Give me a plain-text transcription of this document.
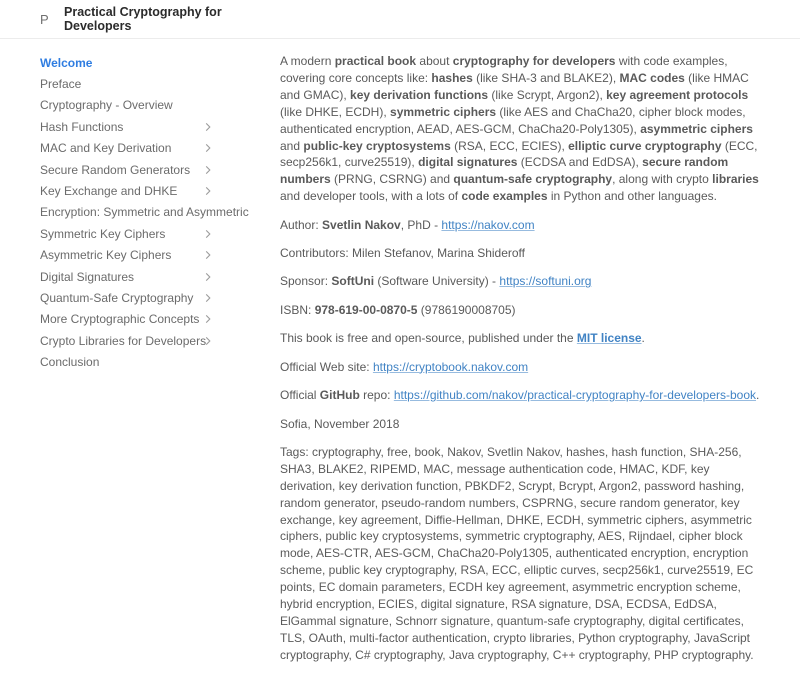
P	Practical Cryptography for Developers
Welcome
Preface
Cryptography - Overview
Hash Functions
MAC and Key Derivation
Secure Random Generators
Key Exchange and DHKE
Encryption: Symmetric and Asymmetric
Symmetric Key Ciphers
Asymmetric Key Ciphers
Digital Signatures
Quantum-Safe Cryptography
More Cryptographic Concepts
Crypto Libraries for Developers
Conclusion

A modern practical book about cryptography for developers with code examples, covering core concepts like: hashes (like SHA-3 and BLAKE2), MAC codes (like HMAC and GMAC), key derivation functions (like Scrypt, Argon2), key agreement protocols (like DHKE, ECDH), symmetric ciphers (like AES and ChaCha20, cipher block modes, authenticated encryption, AEAD, AES-GCM, ChaCha20-Poly1305), asymmetric ciphers and public-key cryptosystems (RSA, ECC, ECIES), elliptic curve cryptography (ECC, secp256k1, curve25519), digital signatures (ECDSA and EdDSA), secure random numbers (PRNG, CSRNG) and quantum-safe cryptography, along with crypto libraries and developer tools, with a lots of code examples in Python and other languages.

Author: Svetlin Nakov, PhD - https://nakov.com

Contributors: Milen Stefanov, Marina Shideroff

Sponsor: SoftUni (Software University) - https://softuni.org

ISBN: 978-619-00-0870-5 (9786190008705)

This book is free and open-source, published under the MIT license.

Official Web site: https://cryptobook.nakov.com

Official GitHub repo: https://github.com/nakov/practical-cryptography-for-developers-book.

Sofia, November 2018

Tags: cryptography, free, book, Nakov, Svetlin Nakov, hashes, hash function, SHA-256, SHA3, BLAKE2, RIPEMD, MAC, message authentication code, HMAC, KDF, key derivation, key derivation function, PBKDF2, Scrypt, Bcrypt, Argon2, password hashing, random generator, pseudo-random numbers, CSPRNG, secure random generator, key exchange, key agreement, Diffie-Hellman, DHKE, ECDH, symmetric ciphers, asymmetric ciphers, public key cryptosystems, symmetric cryptography, AES, Rijndael, cipher block mode, AES-CTR, AES-GCM, ChaCha20-Poly1305, authenticated encryption, encryption scheme, public key cryptography, RSA, ECC, elliptic curves, secp256k1, curve25519, EC points, EC domain parameters, ECDH key agreement, asymmetric encryption scheme, hybrid encryption, ECIES, digital signature, RSA signature, DSA, ECDSA, EdDSA, ElGammal signature, Schnorr signature, quantum-safe cryptography, digital certificates, TLS, OAuth, multi-factor authentication, crypto libraries, Python cryptography, JavaScript cryptography, C# cryptography, Java cryptography, C++ cryptography, PHP cryptography.
